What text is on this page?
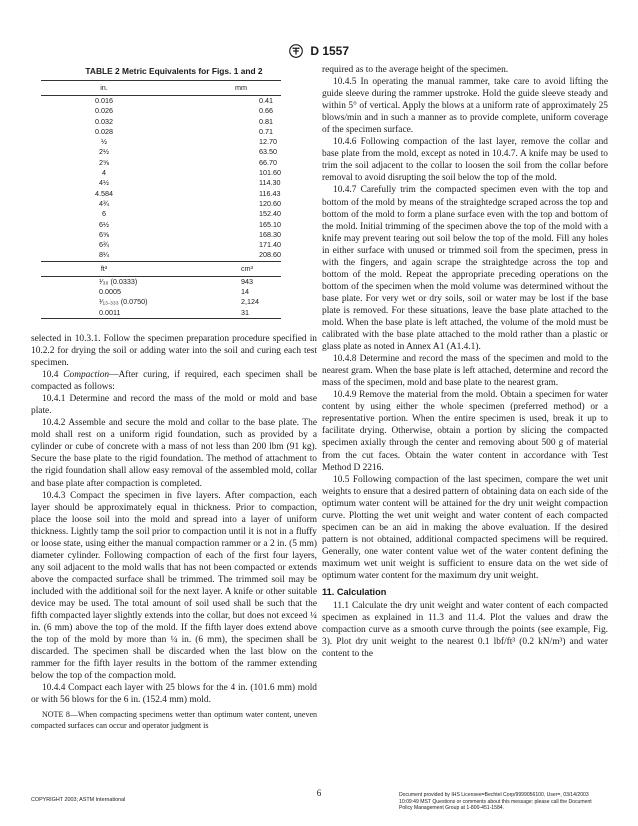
D 1557
TABLE 2 Metric Equivalents for Figs. 1 and 2
in.	mm
0.016	0.41
0.026	0.66
0.032	0.81
0.028	0.71
½	12.70
2½	63.50
2⅝	66.70
4	101.60
4½	114.30
4.584	116.43
4¾	120.60
6	152.40
6½	165.10
6⅝	168.30
6¾	171.40
8¼	208.60
ft³	cm³
¹⁄₃₀ (0.0333)	943
0.0005	14
¹⁄₁₃.₃₃₃ (0.0750)	2,124
0.0011	31

selected in 10.3.1. Follow the specimen preparation procedure specified in 10.2.2 for drying the soil or adding water into the soil and curing each test specimen.

10.4 Compaction—After curing, if required, each specimen shall be compacted as follows:

10.4.1 Determine and record the mass of the mold or mold and base plate.

10.4.2 Assemble and secure the mold and collar to the base plate. The mold shall rest on a uniform rigid foundation, such as provided by a cylinder or cube of concrete with a mass of not less than 200 lbm (91 kg). Secure the base plate to the rigid foundation. The method of attachment to the rigid foundation shall allow easy removal of the assembled mold, collar and base plate after compaction is completed.

10.4.3 Compact the specimen in five layers. After compaction, each layer should be approximately equal in thickness. Prior to compaction, place the loose soil into the mold and spread into a layer of uniform thickness. Lightly tamp the soil prior to compaction until it is not in a fluffy or loose state, using either the manual compaction rammer or a 2 in. (5 mm) diameter cylinder. Following compaction of each of the first four layers, any soil adjacent to the mold walls that has not been compacted or extends above the compacted surface shall be trimmed. The trimmed soil may be included with the additional soil for the next layer. A knife or other suitable device may be used. The total amount of soil used shall be such that the fifth compacted layer slightly extends into the collar, but does not exceed ¼ in. (6 mm) above the top of the mold. If the fifth layer does extend above the top of the mold by more than ¼ in. (6 mm), the specimen shall be discarded. The specimen shall be discarded when the last blow on the rammer for the fifth layer results in the bottom of the rammer extending below the top of the compaction mold.

10.4.4 Compact each layer with 25 blows for the 4 in. (101.6 mm) mold or with 56 blows for the 6 in. (152.4 mm) mold.

NOTE 8—When compacting specimens wetter than optimum water content, uneven compacted surfaces can occur and operator judgment is

required as to the average height of the specimen.

10.4.5 In operating the manual rammer, take care to avoid lifting the guide sleeve during the rammer upstroke. Hold the guide sleeve steady and within 5° of vertical. Apply the blows at a uniform rate of approximately 25 blows/min and in such a manner as to provide complete, uniform coverage of the specimen surface.

10.4.6 Following compaction of the last layer, remove the collar and base plate from the mold, except as noted in 10.4.7. A knife may be used to trim the soil adjacent to the collar to loosen the soil from the collar before removal to avoid disrupting the soil below the top of the mold.

10.4.7 Carefully trim the compacted specimen even with the top and bottom of the mold by means of the straightedge scraped across the top and bottom of the mold to form a plane surface even with the top and bottom of the mold. Initial trimming of the specimen above the top of the mold with a knife may prevent tearing out soil below the top of the mold. Fill any holes in either surface with unused or trimmed soil from the specimen, press in with the fingers, and again scrape the straightedge across the top and bottom of the mold. Repeat the appropriate preceding operations on the bottom of the specimen when the mold volume was determined without the base plate. For very wet or dry soils, soil or water may be lost if the base plate is removed. For these situations, leave the base plate attached to the mold. When the base plate is left attached, the volume of the mold must be calibrated with the base plate attached to the mold rather than a plastic or glass plate as noted in Annex A1 (A1.4.1).

10.4.8 Determine and record the mass of the specimen and mold to the nearest gram. When the base plate is left attached, determine and record the mass of the specimen, mold and base plate to the nearest gram.

10.4.9 Remove the material from the mold. Obtain a specimen for water content by using either the whole specimen (preferred method) or a representative portion. When the entire specimen is used, break it up to facilitate drying. Otherwise, obtain a portion by slicing the compacted specimen axially through the center and removing about 500 g of material from the cut faces. Obtain the water content in accordance with Test Method D 2216.

10.5 Following compaction of the last specimen, compare the wet unit weights to ensure that a desired pattern of obtaining data on each side of the optimum water content will be attained for the dry unit weight compaction curve. Plotting the wet unit weight and water content of each compacted specimen can be an aid in making the above evaluation. If the desired pattern is not obtained, additional compacted specimens will be required. Generally, one water content value wet of the water content defining the maximum wet unit weight is sufficient to ensure data on the wet side of optimum water content for the maximum dry unit weight.

11. Calculation

11.1 Calculate the dry unit weight and water content of each compacted specimen as explained in 11.3 and 11.4. Plot the values and draw the compaction curve as a smooth curve through the points (see example, Fig. 3). Plot dry unit weight to the nearest 0.1 lbf/ft³ (0.2 kN/m³) and water content to the

6
COPYRIGHT 2003; ASTM International
Document provided by IHS Licensee=Bechtel Corp/9999056100, User=, 03/14/2003
10:09:49 MST Questions or comments about this message: please call the Document
Policy Management Group at 1-800-451-1584.
- - - - - - - - - - - - - -
